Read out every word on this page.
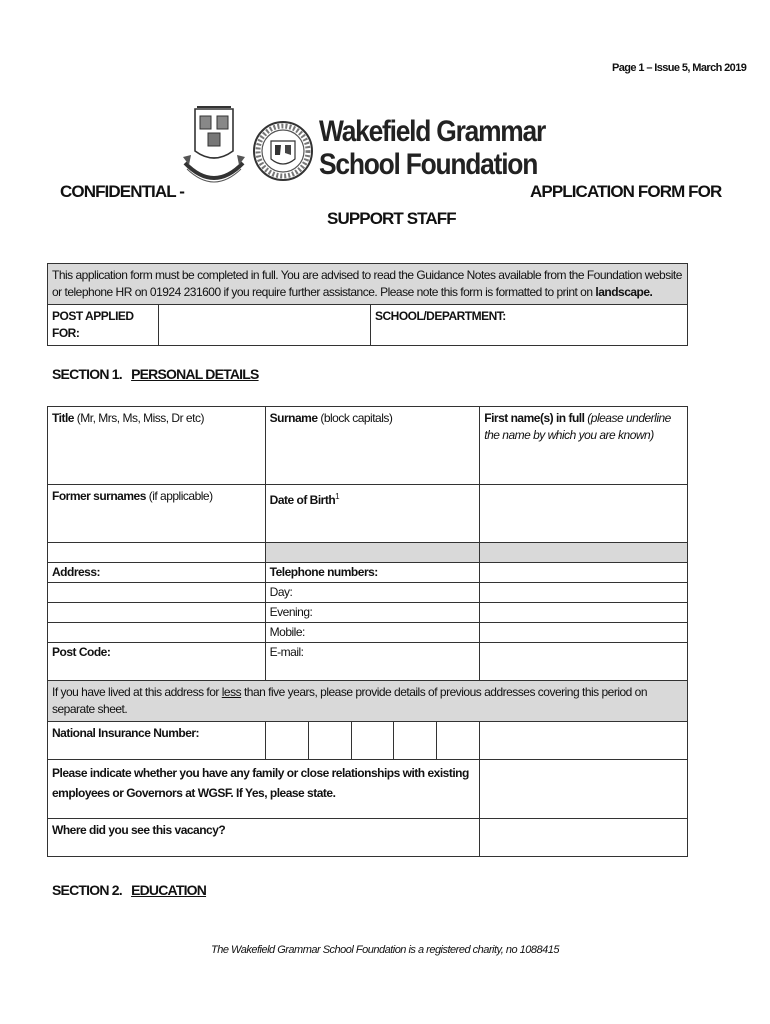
Page 1 – Issue 5, March 2019
Wakefield Grammar
School Foundation
CONFIDENTIAL -	APPLICATION FORM FOR
SUPPORT STAFF
This application form must be completed in full. You are advised to read the Guidance Notes available from the Foundation website or telephone HR on 01924 231600 if you require further assistance. Please note this form is formatted to print on landscape.
POST APPLIED FOR:		SCHOOL/DEPARTMENT:
SECTION 1. PERSONAL DETAILS
Title (Mr, Mrs, Ms, Miss, Dr etc)	Surname (block capitals)					First name(s) in full (please underline the name by which you are known)
Former surnames (if applicable)	Date of Birth$^1$	

Address:	Telephone numbers:					
	Day:					
	Evening:					
	Mobile:					
Post Code:	E-mail:					
If you have lived at this address for less than five years, please provide details of previous addresses covering this period on separate sheet.						
National Insurance Number:						
Please indicate whether you have any family or close relationships with existing employees or Governors at WGSF. If Yes, please state.						
Where did you see this vacancy?						
SECTION 2. EDUCATION
The Wakefield Grammar School Foundation is a registered charity, no 1088415
